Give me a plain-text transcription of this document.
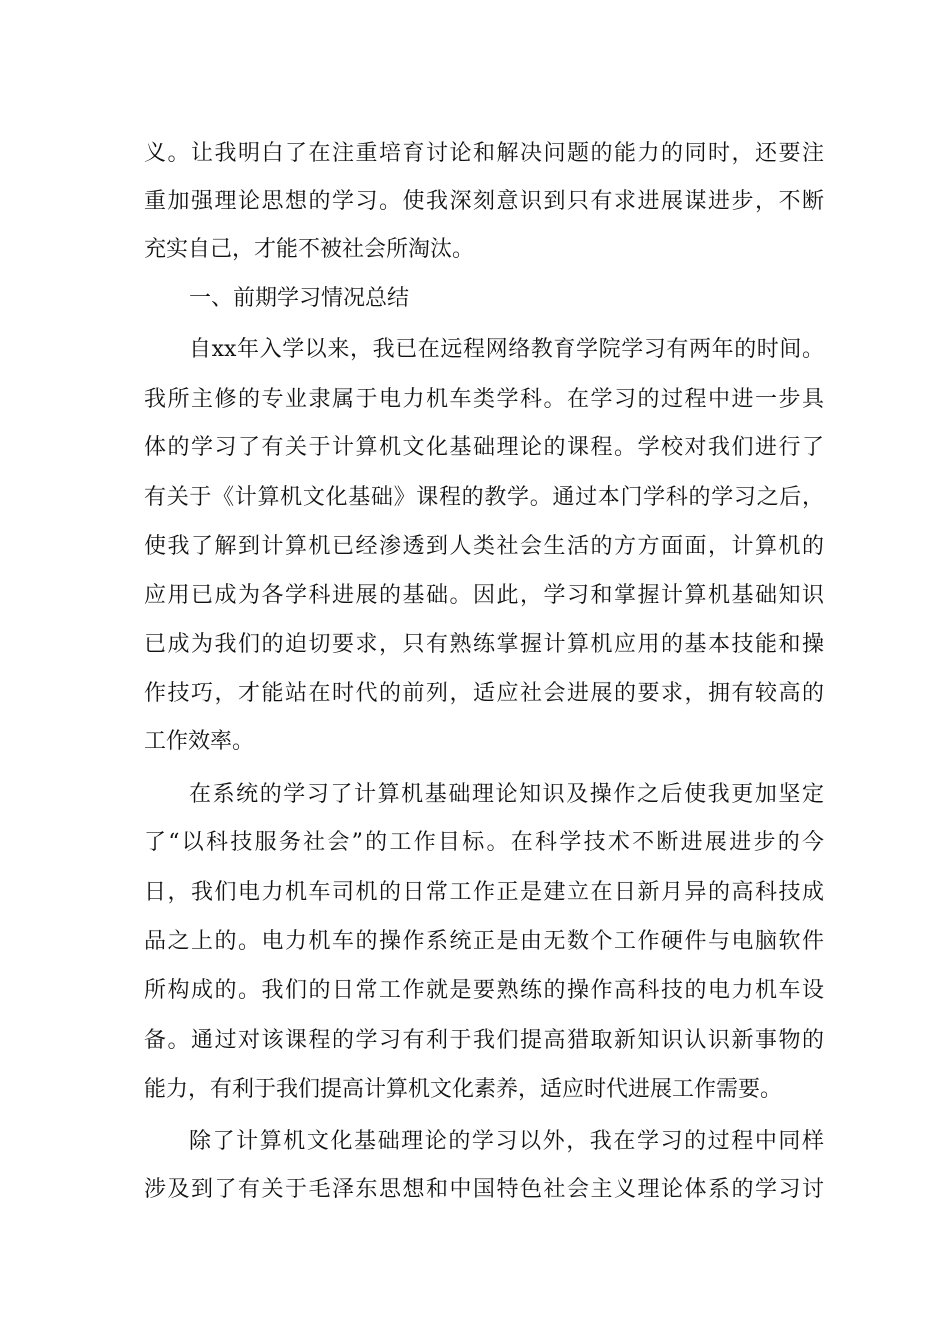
义。让我明白了在注重培育讨论和解决问题的能力的同时，还要注
重加强理论思想的学习。使我深刻意识到只有求进展谋进步，不断
充实自己，才能不被社会所淘汰。
一、前期学习情况总结
自xx年入学以来，我已在远程网络教育学院学习有两年的时间。
我所主修的专业隶属于电力机车类学科。在学习的过程中进一步具
体的学习了有关于计算机文化基础理论的课程。学校对我们进行了
有关于《计算机文化基础》课程的教学。通过本门学科的学习之后，
使我了解到计算机已经渗透到人类社会生活的方方面面，计算机的
应用已成为各学科进展的基础。因此，学习和掌握计算机基础知识
已成为我们的迫切要求，只有熟练掌握计算机应用的基本技能和操
作技巧，才能站在时代的前列，适应社会进展的要求，拥有较高的
工作效率。
在系统的学习了计算机基础理论知识及操作之后使我更加坚定
了“以科技服务社会”的工作目标。在科学技术不断进展进步的今
日，我们电力机车司机的日常工作正是建立在日新月异的高科技成
品之上的。电力机车的操作系统正是由无数个工作硬件与电脑软件
所构成的。我们的日常工作就是要熟练的操作高科技的电力机车设
备。通过对该课程的学习有利于我们提高猎取新知识认识新事物的
能力，有利于我们提高计算机文化素养，适应时代进展工作需要。
除了计算机文化基础理论的学习以外，我在学习的过程中同样
涉及到了有关于毛泽东思想和中国特色社会主义理论体系的学习讨
